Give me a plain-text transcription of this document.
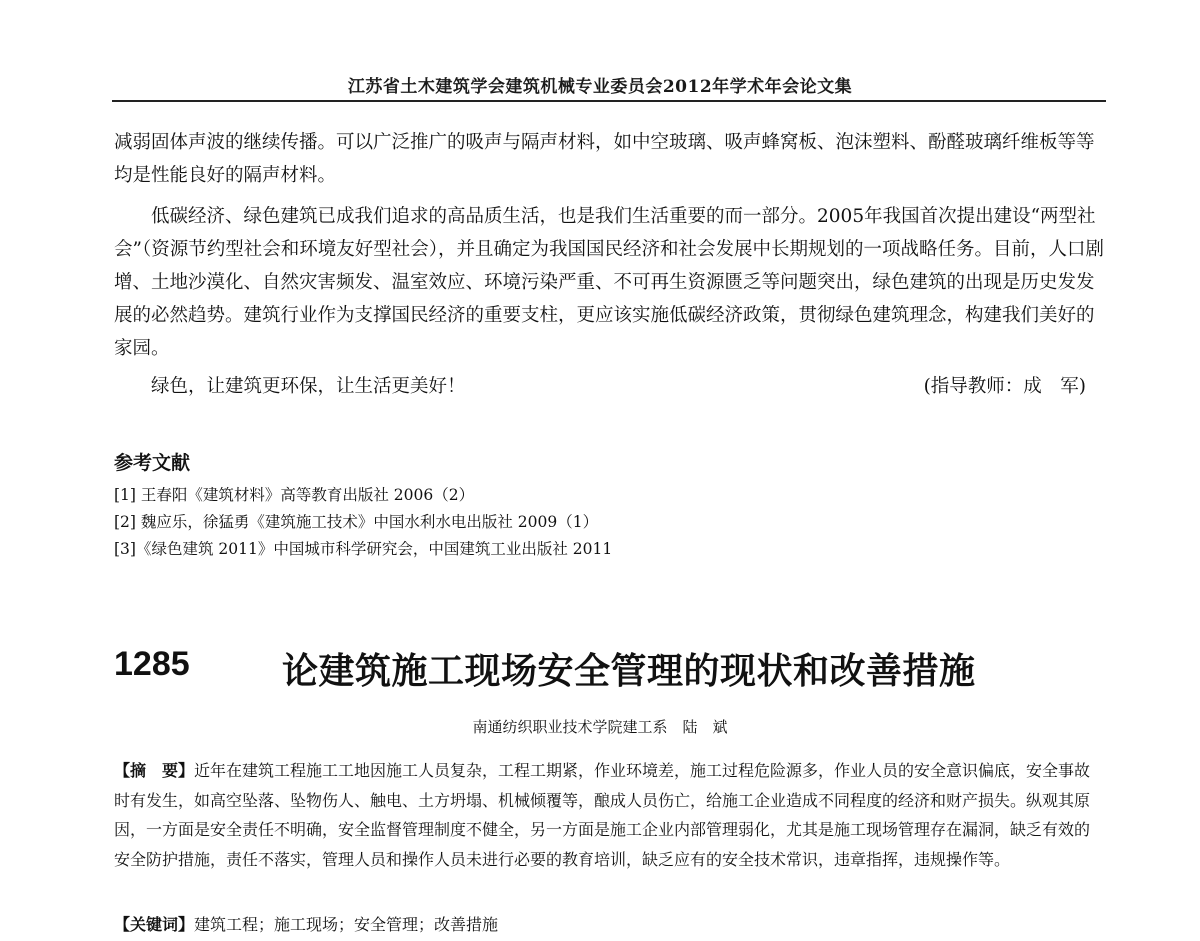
江苏省土木建筑学会建筑机械专业委员会2012年学术年会论文集
减弱固体声波的继续传播。可以广泛推广的吸声与隔声材料，如中空玻璃、吸声蜂窝板、泡沫塑料、酚醛玻璃纤维板等等均是性能良好的隔声材料。
低碳经济、绿色建筑已成我们追求的高品质生活，也是我们生活重要的而一部分。2005年我国首次提出建设“两型社会”（资源节约型社会和环境友好型社会），并且确定为我国国民经济和社会发展中长期规划的一项战略任务。目前，人口剧增、土地沙漠化、自然灾害频发、温室效应、环境污染严重、不可再生资源匮乏等问题突出，绿色建筑的出现是历史发发展的必然趋势。建筑行业作为支撑国民经济的重要支柱，更应该实施低碳经济政策，贯彻绿色建筑理念，构建我们美好的家园。
绿色，让建筑更环保，让生活更美好！	(指导教师：成　军)
参考文献
[1] 王春阳《建筑材料》高等教育出版社 2006（2）
[2] 魏应乐，徐猛勇《建筑施工技术》中国水利水电出版社 2009（1）
[3]《绿色建筑 2011》中国城市科学研究会，中国建筑工业出版社 2011
1285	论建筑施工现场安全管理的现状和改善措施
南通纺织职业技术学院建工系　陆　斌
【摘　要】近年在建筑工程施工工地因施工人员复杂，工程工期紧，作业环境差，施工过程危险源多，作业人员的安全意识偏底，安全事故时有发生，如高空坠落、坠物伤人、触电、土方坍塌、机械倾覆等，酿成人员伤亡，给施工企业造成不同程度的经济和财产损失。纵观其原因，一方面是安全责任不明确，安全监督管理制度不健全，另一方面是施工企业内部管理弱化，尤其是施工现场管理存在漏洞，缺乏有效的安全防护措施，责任不落实，管理人员和操作人员未进行必要的教育培训，缺乏应有的安全技术常识，违章指挥，违规操作等。
【关键词】建筑工程；施工现场；安全管理；改善措施
